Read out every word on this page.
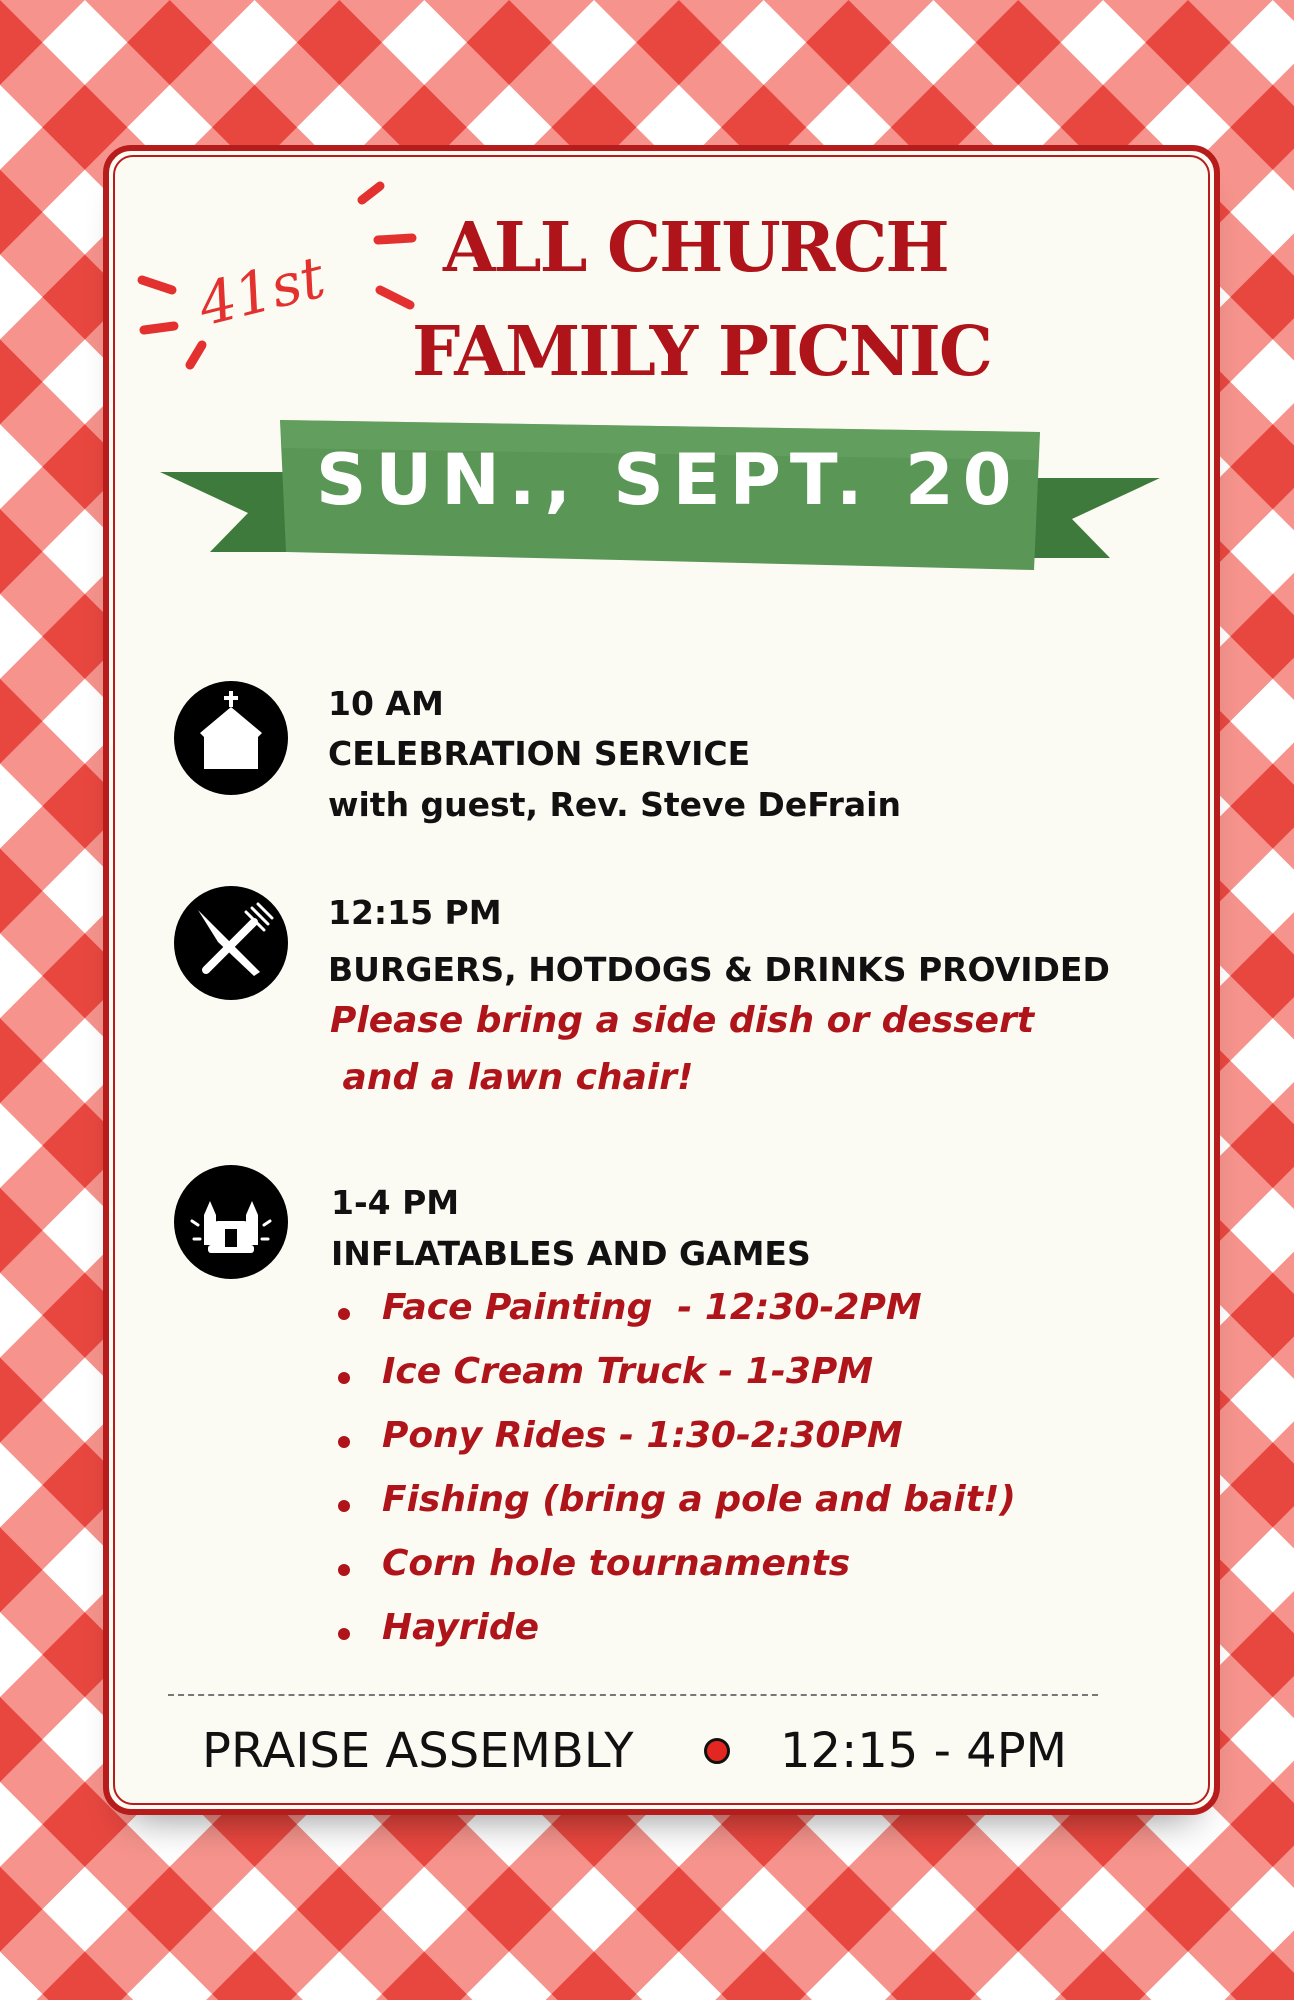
41st ALL CHURCH
FAMILY PICNIC
SUN., SEPT. 20
10 AM
CELEBRATION SERVICE
with guest, Rev. Steve DeFrain
12:15 PM
BURGERS, HOTDOGS & DRINKS PROVIDED
Please bring a side dish or dessert
and a lawn chair!
1-4 PM
INFLATABLES AND GAMES
Face Painting  - 12:30-2PM
Ice Cream Truck - 1-3PM
Pony Rides - 1:30-2:30PM
Fishing (bring a pole and bait!)
Corn hole tournaments
Hayride
PRAISE ASSEMBLY	12:15 - 4PM
